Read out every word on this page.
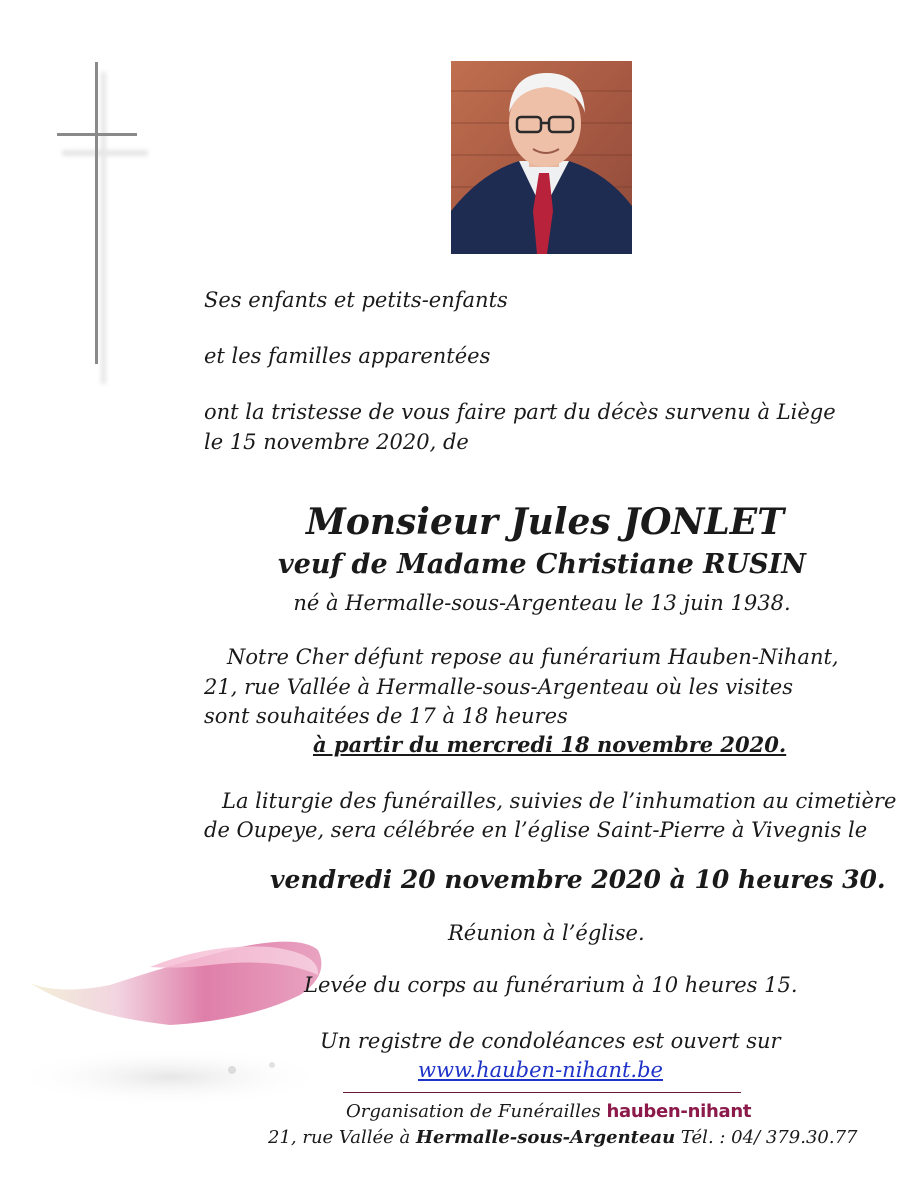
Ses enfants et petits-enfants
et les familles apparentées
ont la tristesse de vous faire part du décès survenu à Liège
le 15 novembre 2020, de
Monsieur Jules JONLET
veuf de Madame Christiane RUSIN
né à Hermalle-sous-Argenteau le 13 juin 1938.
Notre Cher défunt repose au funérarium Hauben-Nihant,
21, rue Vallée à Hermalle-sous-Argenteau où les visites
sont souhaitées de 17 à 18 heures
à partir du mercredi 18 novembre 2020.
La liturgie des funérailles, suivies de l’inhumation au cimetière
de Oupeye, sera célébrée en l’église Saint-Pierre à Vivegnis le
vendredi 20 novembre 2020 à 10 heures 30.
Réunion à l’église.
Levée du corps au funérarium à 10 heures 15.
Un registre de condoléances est ouvert sur
www.hauben-nihant.be
Organisation de Funérailles hauben-nihant
21, rue Vallée à Hermalle-sous-Argenteau Tél. : 04/ 379.30.77
